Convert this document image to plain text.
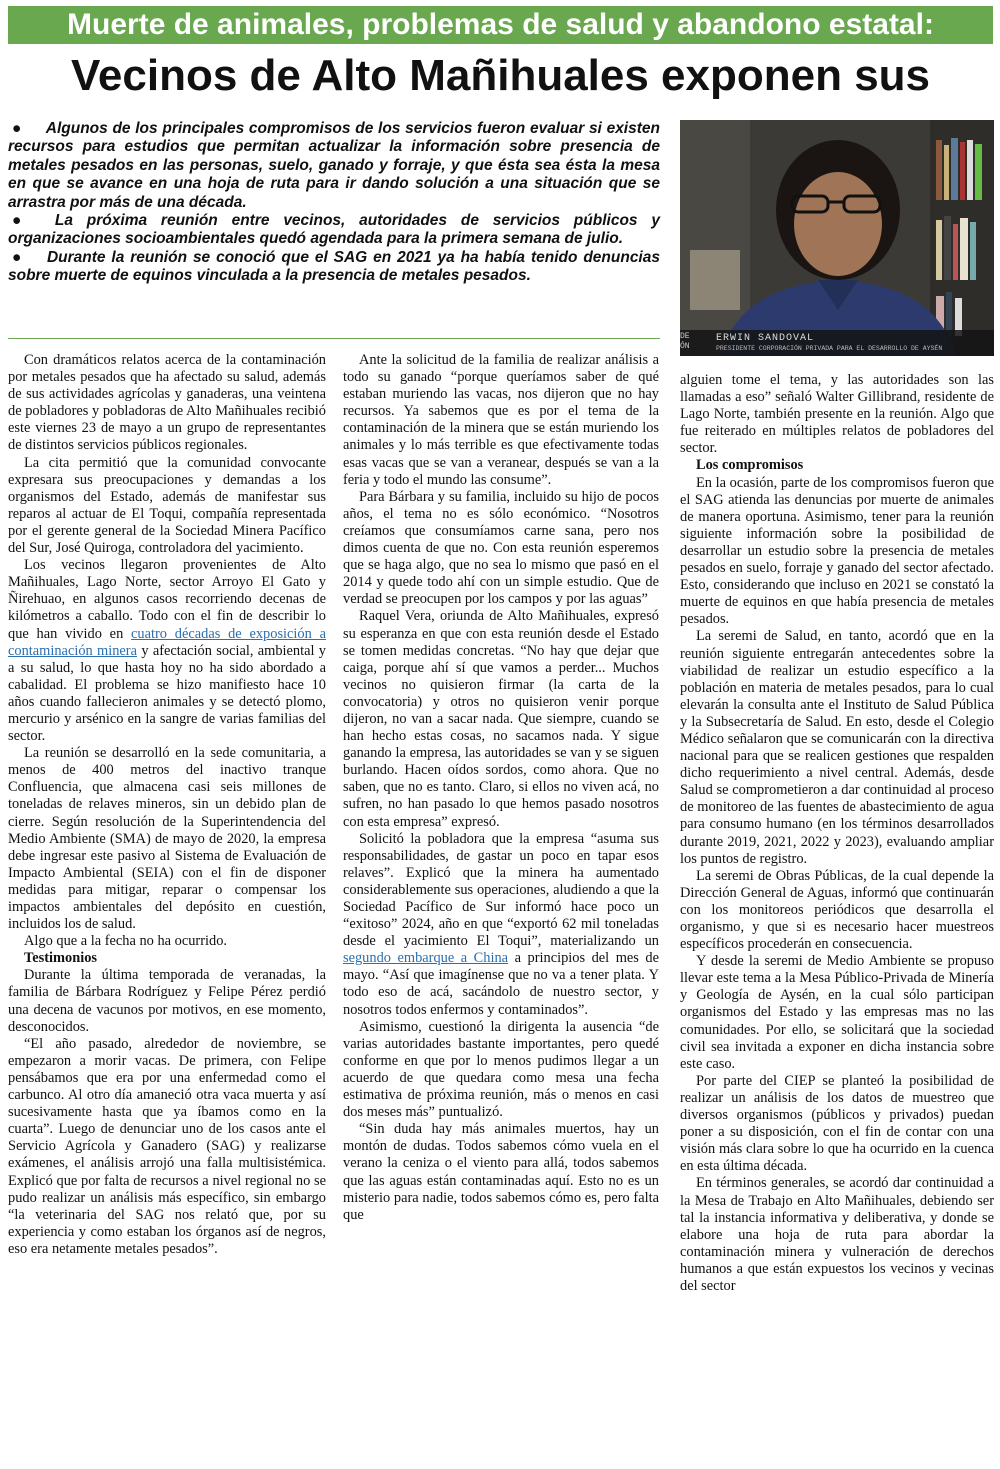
Muerte de animales, problemas de salud y abandono estatal:
Vecinos de Alto Mañihuales exponen sus

● Algunos de los principales compromisos de los servicios fueron evaluar si existen recursos para estudios que permitan actualizar la información sobre presencia de metales pesados en las personas, suelo, ganado y forraje, y que ésta sea ésta la mesa en que se avance en una hoja de ruta para ir dando solución a una situación que se arrastra por más de una década.

● La próxima reunión entre vecinos, autoridades de servicios públicos y organizaciones socioambientales quedó agendada para la primera semana de julio.

● Durante la reunión se conoció que el SAG en 2021 ya ha había tenido denuncias sobre muerte de equinos vinculada a la presencia de metales pesados.

DE
ÓN
ERWIN SANDOVAL
PRESIDENTE CORPORACIÓN PRIVADA PARA EL DESARROLLO DE AYSÉN

Con dramáticos relatos acerca de la contaminación por metales pesados que ha afectado su salud, además de sus actividades agrícolas y ganaderas, una veintena de pobladores y pobladoras de Alto Mañihuales recibió este viernes 23 de mayo a un grupo de representantes de distintos servicios públicos regionales.

La cita permitió que la comunidad convocante expresara sus preocupaciones y demandas a los organismos del Estado, además de manifestar sus reparos al actuar de El Toqui, compañía representada por el gerente general de la Sociedad Minera Pacífico del Sur, José Quiroga, controladora del yacimiento.

Los vecinos llegaron provenientes de Alto Mañihuales, Lago Norte, sector Arroyo El Gato y Ñirehuao, en algunos casos recorriendo decenas de kilómetros a caballo. Todo con el fin de describir lo que han vivido en cuatro décadas de exposición a contaminación minera y afectación social, ambiental y a su salud, lo que hasta hoy no ha sido abordado a cabalidad. El problema se hizo manifiesto hace 10 años cuando fallecieron animales y se detectó plomo, mercurio y arsénico en la sangre de varias familias del sector.

La reunión se desarrolló en la sede comunitaria, a menos de 400 metros del inactivo tranque Confluencia, que almacena casi seis millones de toneladas de relaves mineros, sin un debido plan de cierre. Según resolución de la Superintendencia del Medio Ambiente (SMA) de mayo de 2020, la empresa debe ingresar este pasivo al Sistema de Evaluación de Impacto Ambiental (SEIA) con el fin de disponer medidas para mitigar, reparar o compensar los impactos ambientales del depósito en cuestión, incluidos los de salud.

Algo que a la fecha no ha ocurrido.

Testimonios

Durante la última temporada de veranadas, la familia de Bárbara Rodríguez y Felipe Pérez perdió una decena de vacunos por motivos, en ese momento, desconocidos.

“El año pasado, alrededor de noviembre, se empezaron a morir vacas. De primera, con Felipe pensábamos que era por una enfermedad como el carbunco. Al otro día amaneció otra vaca muerta y así sucesivamente hasta que ya íbamos como en la cuarta”. Luego de denunciar uno de los casos ante el Servicio Agrícola y Ganadero (SAG) y realizarse exámenes, el análisis arrojó una falla multisistémica. Explicó que por falta de recursos a nivel regional no se pudo realizar un análisis más específico, sin embargo “la veterinaria del SAG nos relató que, por su experiencia y como estaban los órganos así de negros, eso era netamente metales pesados”.

Ante la solicitud de la familia de realizar análisis a todo su ganado “porque queríamos saber de qué estaban muriendo las vacas, nos dijeron que no hay recursos. Ya sabemos que es por el tema de la contaminación de la minera que se están muriendo los animales y lo más terrible es que efectivamente todas esas vacas que se van a veranear, después se van a la feria y todo el mundo las consume”.

Para Bárbara y su familia, incluido su hijo de pocos años, el tema no es sólo económico. “Nosotros creíamos que consumíamos carne sana, pero nos dimos cuenta de que no. Con esta reunión esperemos que se haga algo, que no sea lo mismo que pasó en el 2014 y quede todo ahí con un simple estudio. Que de verdad se preocupen por los campos y por las aguas”

Raquel Vera, oriunda de Alto Mañihuales, expresó su esperanza en que con esta reunión desde el Estado se tomen medidas concretas. “No hay que dejar que caiga, porque ahí sí que vamos a perder... Muchos vecinos no quisieron firmar (la carta de la convocatoria) y otros no quisieron venir porque dijeron, no van a sacar nada. Que siempre, cuando se han hecho estas cosas, no sacamos nada. Y sigue ganando la empresa, las autoridades se van y se siguen burlando. Hacen oídos sordos, como ahora. Que no saben, que no es tanto. Claro, si ellos no viven acá, no sufren, no han pasado lo que hemos pasado nosotros con esta empresa” expresó.

Solicitó la pobladora que la empresa “asuma sus responsabilidades, de gastar un poco en tapar esos relaves”. Explicó que la minera ha aumentado considerablemente sus operaciones, aludiendo a que la Sociedad Pacífico de Sur informó hace poco un “exitoso” 2024, año en que “exportó 62 mil toneladas desde el yacimiento El Toqui”, materializando un segundo embarque a China a principios del mes de mayo. “Así que imagínense que no va a tener plata. Y todo eso de acá, sacándolo de nuestro sector, y nosotros todos enfermos y contaminados”.

Asimismo, cuestionó la dirigenta la ausencia “de varias autoridades bastante importantes, pero quedé conforme en que por lo menos pudimos llegar a un acuerdo de que quedara como mesa una fecha estimativa de próxima reunión, más o menos en casi dos meses más” puntualizó.

“Sin duda hay más animales muertos, hay un montón de dudas. Todos sabemos cómo vuela en el verano la ceniza o el viento para allá, todos sabemos que las aguas están contaminadas aquí. Esto no es un misterio para nadie, todos sabemos cómo es, pero falta que

alguien tome el tema, y las autoridades son las llamadas a eso” señaló Walter Gillibrand, residente de Lago Norte, también presente en la reunión. Algo que fue reiterado en múltiples relatos de pobladores del sector.

Los compromisos

En la ocasión, parte de los compromisos fueron que el SAG atienda las denuncias por muerte de animales de manera oportuna. Asimismo, tener para la reunión siguiente información sobre la posibilidad de desarrollar un estudio sobre la presencia de metales pesados en suelo, forraje y ganado del sector afectado. Esto, considerando que incluso en 2021 se constató la muerte de equinos en que había presencia de metales pesados.

La seremi de Salud, en tanto, acordó que en la reunión siguiente entregarán antecedentes sobre la viabilidad de realizar un estudio específico a la población en materia de metales pesados, para lo cual elevarán la consulta ante el Instituto de Salud Pública y la Subsecretaría de Salud. En esto, desde el Colegio Médico señalaron que se comunicarán con la directiva nacional para que se realicen gestiones que respalden dicho requerimiento a nivel central. Además, desde Salud se comprometieron a dar continuidad al proceso de monitoreo de las fuentes de abastecimiento de agua para consumo humano (en los términos desarrollados durante 2019, 2021, 2022 y 2023), evaluando ampliar los puntos de registro.

La seremi de Obras Públicas, de la cual depende la Dirección General de Aguas, informó que continuarán con los monitoreos periódicos que desarrolla el organismo, y que si es necesario hacer muestreos específicos procederán en consecuencia.

Y desde la seremi de Medio Ambiente se propuso llevar este tema a la Mesa Público-Privada de Minería y Geología de Aysén, en la cual sólo participan organismos del Estado y las empresas mas no las comunidades. Por ello, se solicitará que la sociedad civil sea invitada a exponer en dicha instancia sobre este caso.

Por parte del CIEP se planteó la posibilidad de realizar un análisis de los datos de muestreo que diversos organismos (públicos y privados) puedan poner a su disposición, con el fin de contar con una visión más clara sobre lo que ha ocurrido en la cuenca en esta última década.

En términos generales, se acordó dar continuidad a la Mesa de Trabajo en Alto Mañihuales, debiendo ser tal la instancia informativa y deliberativa, y donde se elabore una hoja de ruta para abordar la contaminación minera y vulneración de derechos humanos a que están expuestos los vecinos y vecinas del sector
